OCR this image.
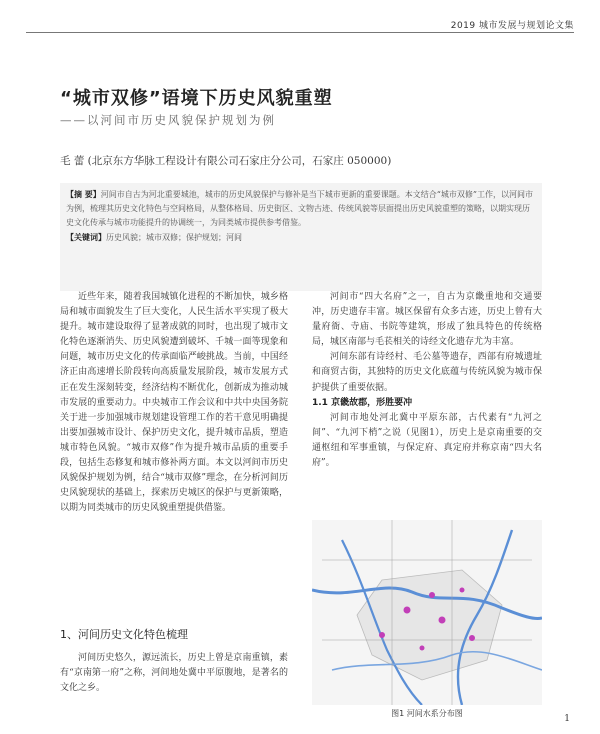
2019 城市发展与规划论文集
“城市双修”语境下历史风貌重塑
——以河间市历史风貌保护规划为例
毛 蕾 (北京东方华脉工程设计有限公司石家庄分公司，石家庄 050000)
【摘 要】河间市自古为河北重要城池，城市的历史风貌保护与修补是当下城市更新的重要课题。本文结合“城市双修”工作，以河间市为例，梳理其历史文化特色与空间格局，从整体格局、历史街区、文物古迹、传统风貌等层面提出历史风貌重塑的策略，以期实现历史文化传承与城市功能提升的协调统一，为同类城市提供参考借鉴。
【关键词】历史风貌；城市双修；保护规划；河间

近些年来，随着我国城镇化进程的不断加快，城乡格局和城市面貌发生了巨大变化，人民生活水平实现了极大提升。城市建设取得了显著成就的同时，也出现了城市文化特色逐渐消失、历史风貌遭到破坏、千城一面等现象和问题，城市历史文化的传承面临严峻挑战。当前，中国经济正由高速增长阶段转向高质量发展阶段，城市发展方式正在发生深刻转变，经济结构不断优化，创新成为推动城市发展的重要动力。中央城市工作会议和中共中央国务院关于进一步加强城市规划建设管理工作的若干意见明确提出要加强城市设计、保护历史文化，提升城市品质，塑造城市特色风貌。“城市双修”作为提升城市品质的重要手段，包括生态修复和城市修补两方面。本文以河间市历史风貌保护规划为例，结合“城市双修”理念，在分析河间历史风貌现状的基础上，探索历史城区的保护与更新策略，以期为同类城市的历史风貌重塑提供借鉴。

1、河间历史文化特色梳理

河间历史悠久，源远流长，历史上曾是京南重镇，素有“京南第一府”之称，河间地处冀中平原腹地，是著名的文化之乡。

河间市“四大名府”之一，自古为京畿重地和交通要冲，历史遗存丰富。城区保留有众多古迹，历史上曾有大量府衙、寺庙、书院等建筑，形成了独具特色的传统格局，城区南部与毛苌相关的诗经文化遗存尤为丰富。

河间东部有诗经村、毛公墓等遗存，西部有府城遗址和商贸古街，其独特的历史文化底蕴与传统风貌为城市保护提供了重要依据。

1.1 京畿故郡，形胜要冲

河间市地处河北冀中平原东部，古代素有“九河之间”、“九河下梢”之说（见图1），历史上是京南重要的交通枢纽和军事重镇，与保定府、真定府并称京南“四大名府”。

图1 河间水系分布图
1
